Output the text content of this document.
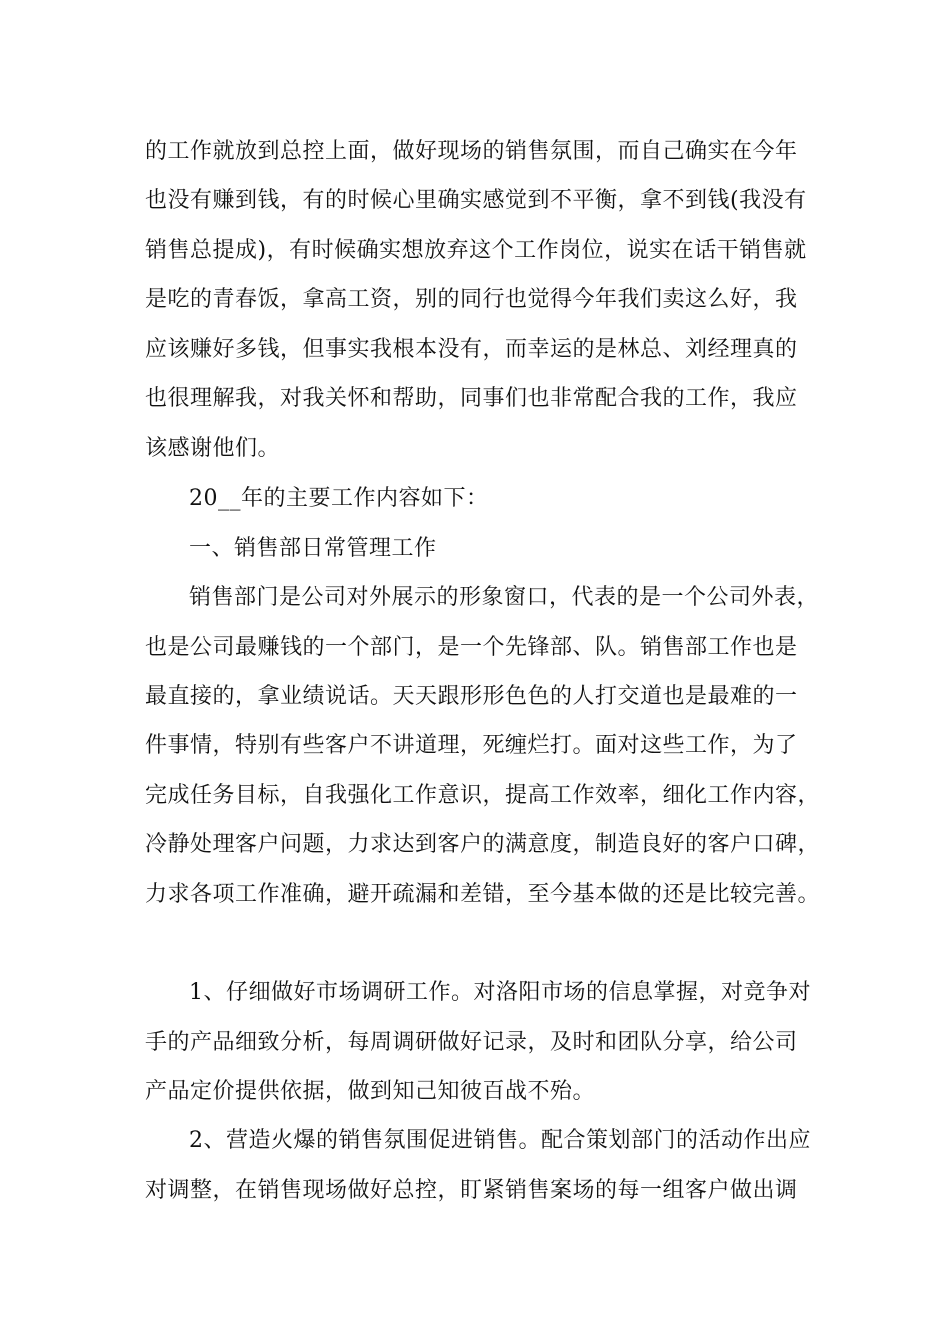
的工作就放到总控上面，做好现场的销售氛围，而自己确实在今年
也没有赚到钱，有的时候心里确实感觉到不平衡，拿不到钱(我没有
销售总提成)，有时候确实想放弃这个工作岗位，说实在话干销售就
是吃的青春饭，拿高工资，别的同行也觉得今年我们卖这么好，我
应该赚好多钱，但事实我根本没有，而幸运的是林总、刘经理真的
也很理解我，对我关怀和帮助，同事们也非常配合我的工作，我应
该感谢他们。
20__年的主要工作内容如下：
一、销售部日常管理工作
销售部门是公司对外展示的形象窗口，代表的是一个公司外表，
也是公司最赚钱的一个部门，是一个先锋部、队。销售部工作也是
最直接的，拿业绩说话。天天跟形形色色的人打交道也是最难的一
件事情，特别有些客户不讲道理，死缠烂打。面对这些工作，为了
完成任务目标，自我强化工作意识，提高工作效率，细化工作内容，
冷静处理客户问题，力求达到客户的满意度，制造良好的客户口碑，
力求各项工作准确，避开疏漏和差错，至今基本做的还是比较完善。
1、仔细做好市场调研工作。对洛阳市场的信息掌握，对竞争对
手的产品细致分析，每周调研做好记录，及时和团队分享，给公司
产品定价提供依据，做到知己知彼百战不殆。
2、营造火爆的销售氛围促进销售。配合策划部门的活动作出应
对调整，在销售现场做好总控，盯紧销售案场的每一组客户做出调
